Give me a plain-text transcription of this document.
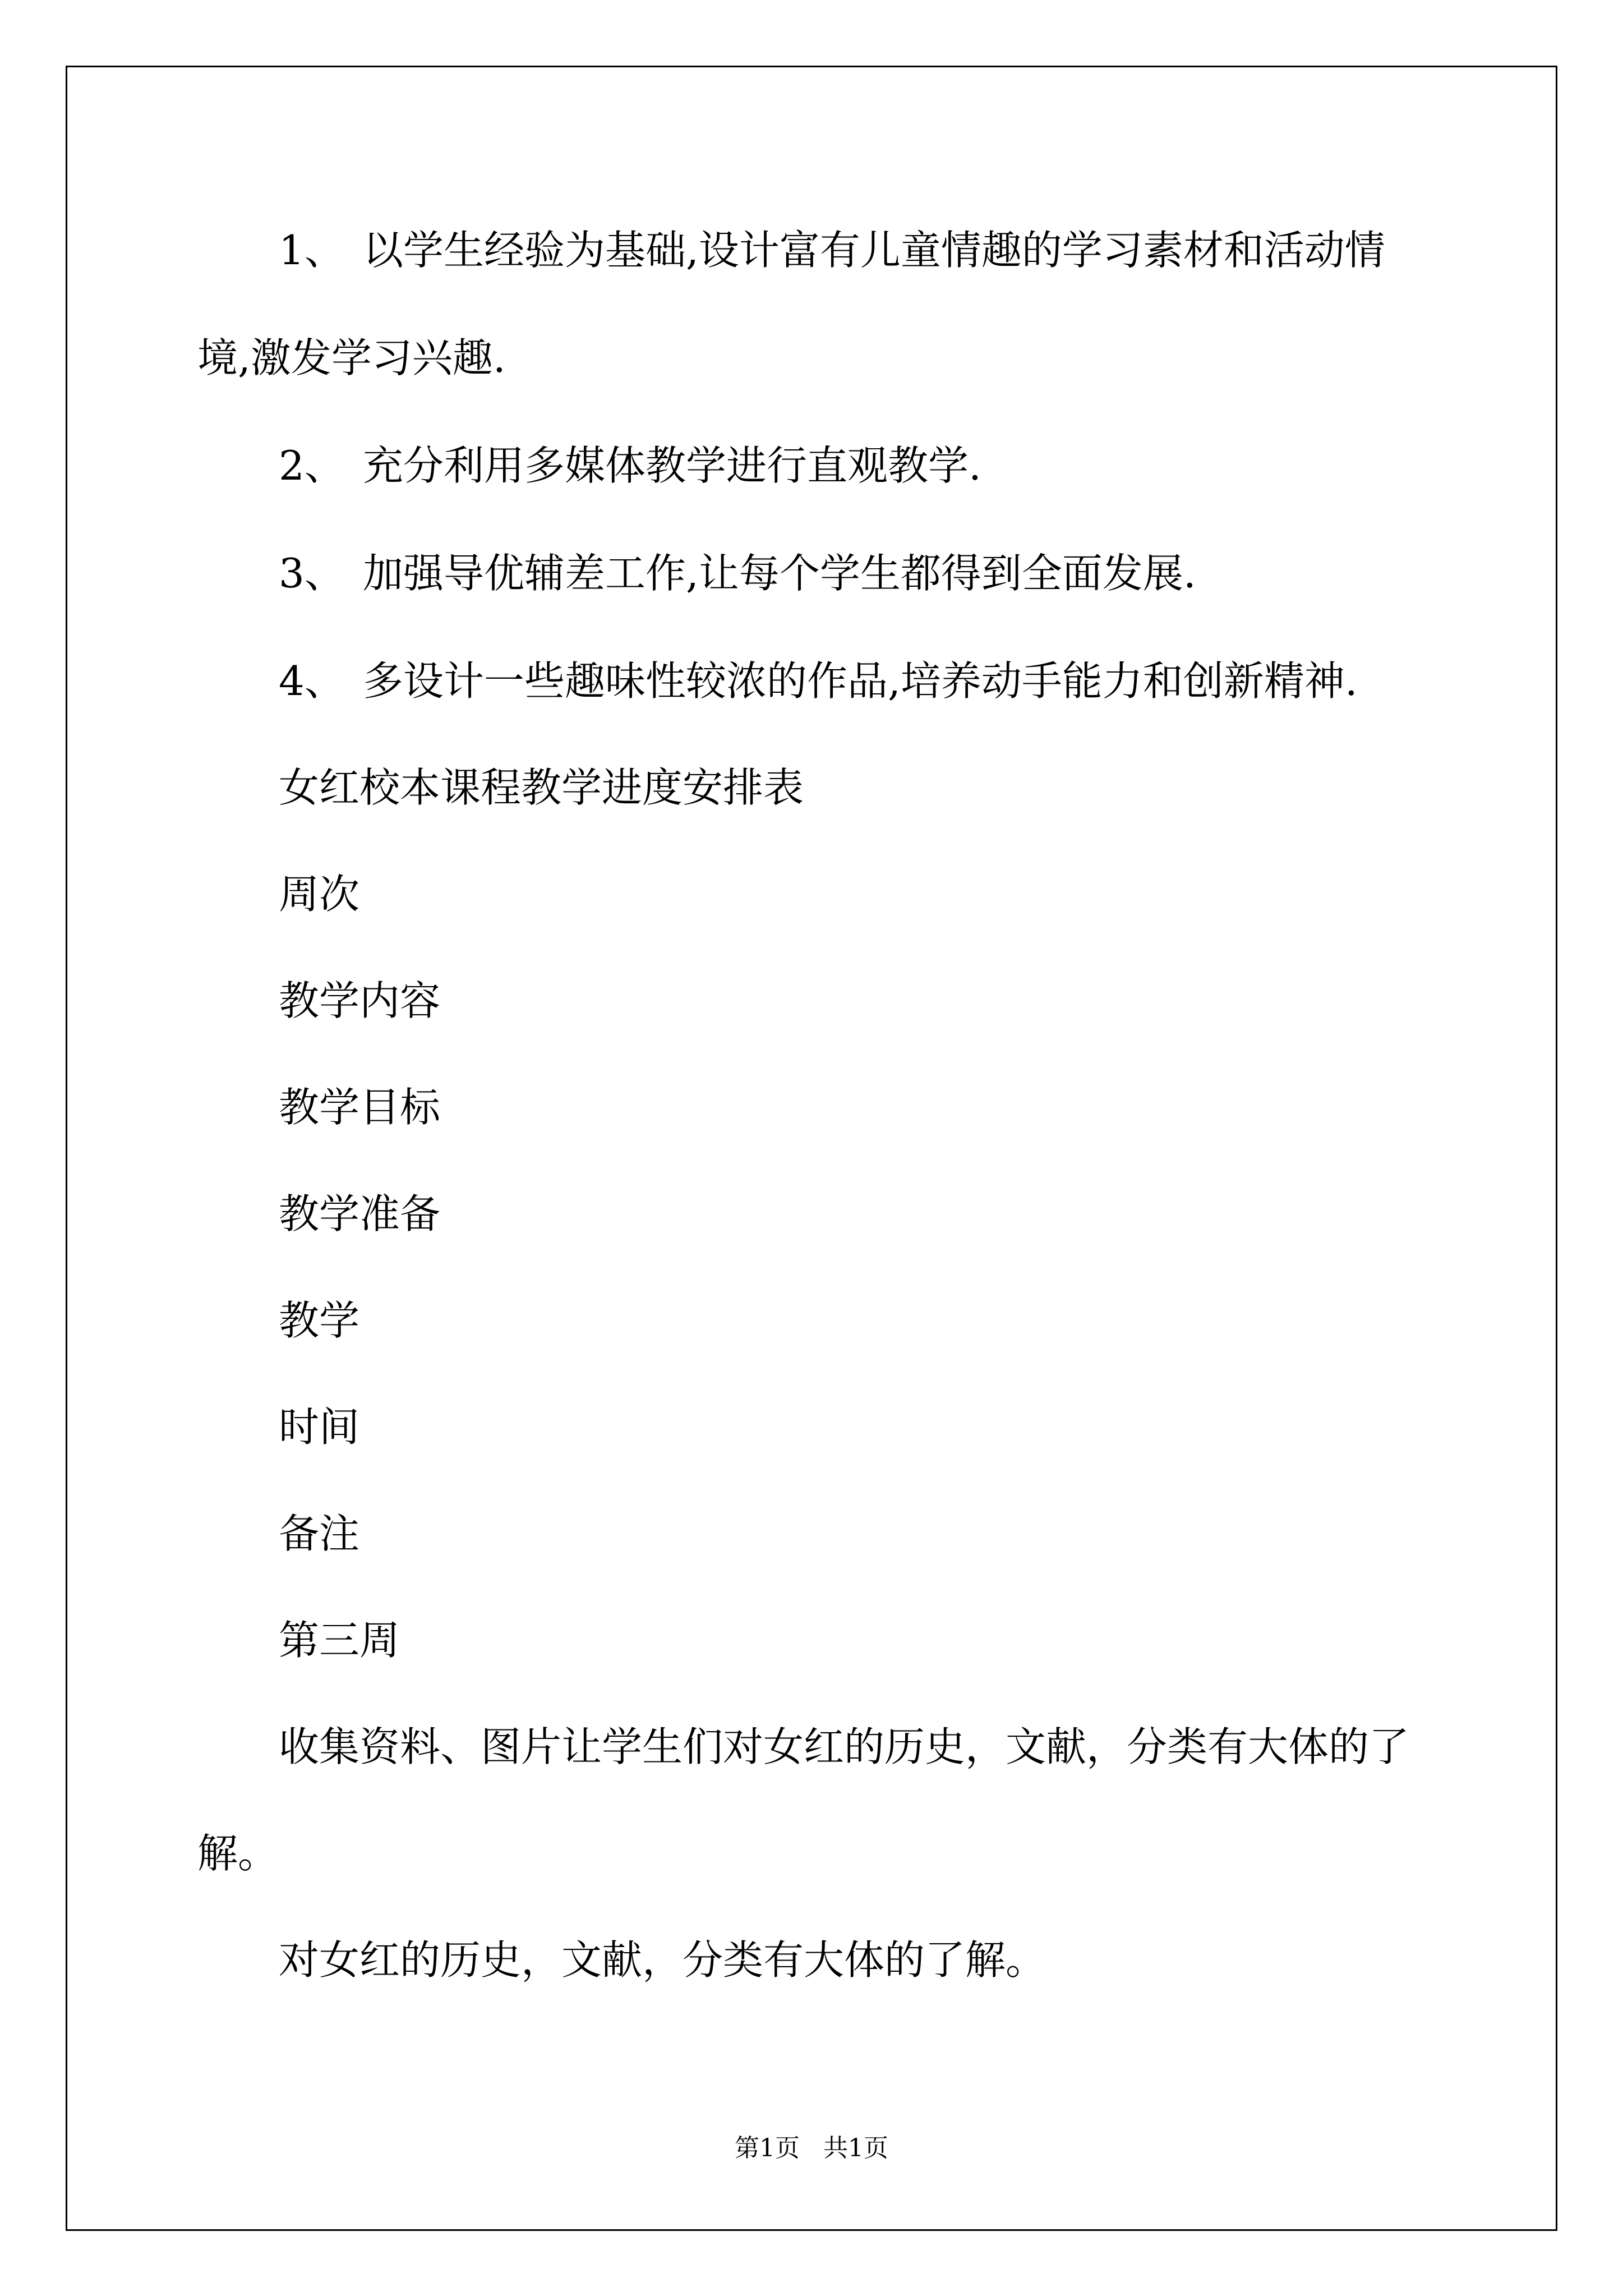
1、 以学生经验为基础,设计富有儿童情趣的学习素材和活动情

境,激发学习兴趣.

2、 充分利用多媒体教学进行直观教学.

3、 加强导优辅差工作,让每个学生都得到全面发展.

4、 多设计一些趣味性较浓的作品,培养动手能力和创新精神.

女红校本课程教学进度安排表

周次

教学内容

教学目标

教学准备

教学

时间

备注

第三周

收集资料、图片让学生们对女红的历史，文献，分类有大体的了

解。

对女红的历史，文献，分类有大体的了解。

第1页 共1页
